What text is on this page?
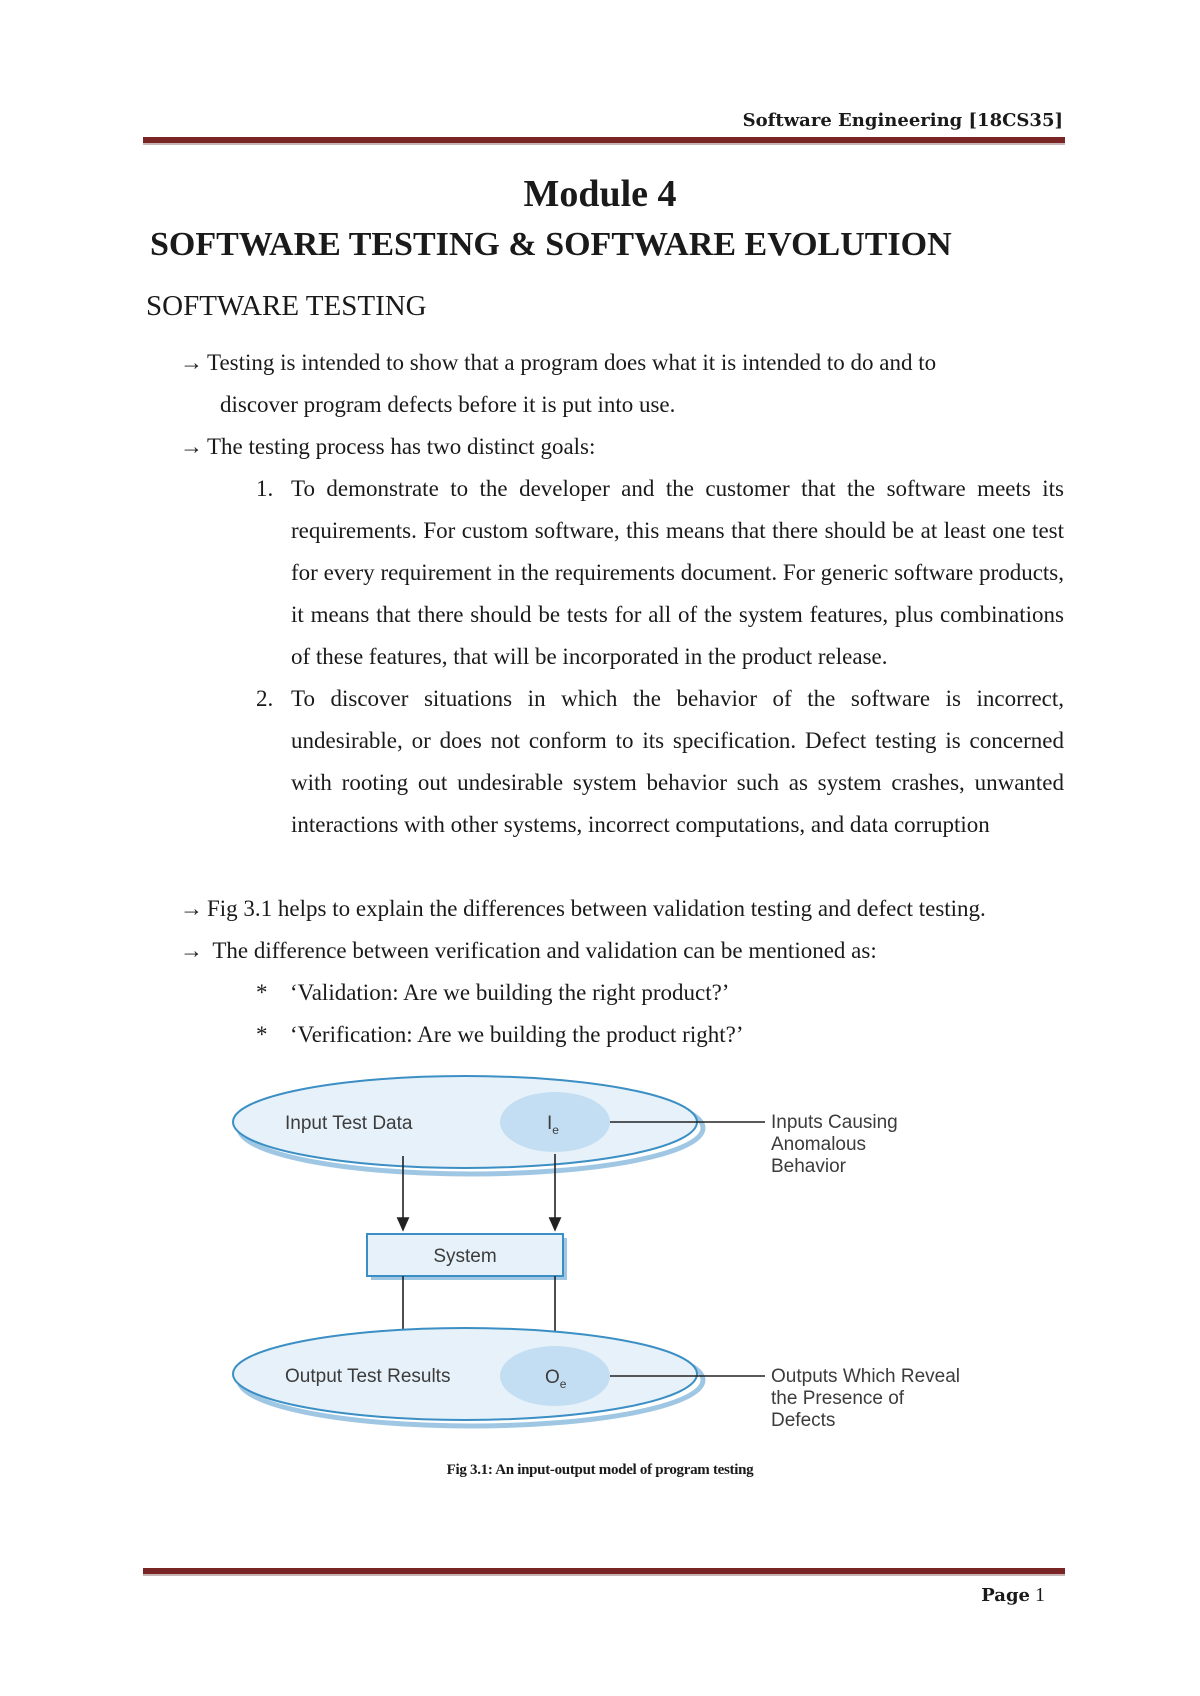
Software Engineering [18CS35]
Module 4
SOFTWARE TESTING & SOFTWARE EVOLUTION
SOFTWARE TESTING
→ Testing is intended to show that a program does what it is intended to do and to
discover program defects before it is put into use.
→ The testing process has two distinct goals:
1. To demonstrate to the developer and the customer that the software meets its requirements. For custom software, this means that there should be at least one test for every requirement in the requirements document. For generic software products, it means that there should be tests for all of the system features, plus combinations of these features, that will be incorporated in the product release.
2. To discover situations in which the behavior of the software is incorrect, undesirable, or does not conform to its specification. Defect testing is concerned with rooting out undesirable system behavior such as system crashes, unwanted interactions with other systems, incorrect computations, and data corruption
→ Fig 3.1 helps to explain the differences between validation testing and defect testing.
→ The difference between verification and validation can be mentioned as:
* ‘Validation: Are we building the right product?’
* ‘Verification: Are we building the product right?’
Input Test Data	$I_e$
System
Output Test Results	$O_e$
Inputs Causing Anomalous Behavior
Outputs Which Reveal the Presence of Defects
Fig 3.1: An input-output model of program testing
Page 1
